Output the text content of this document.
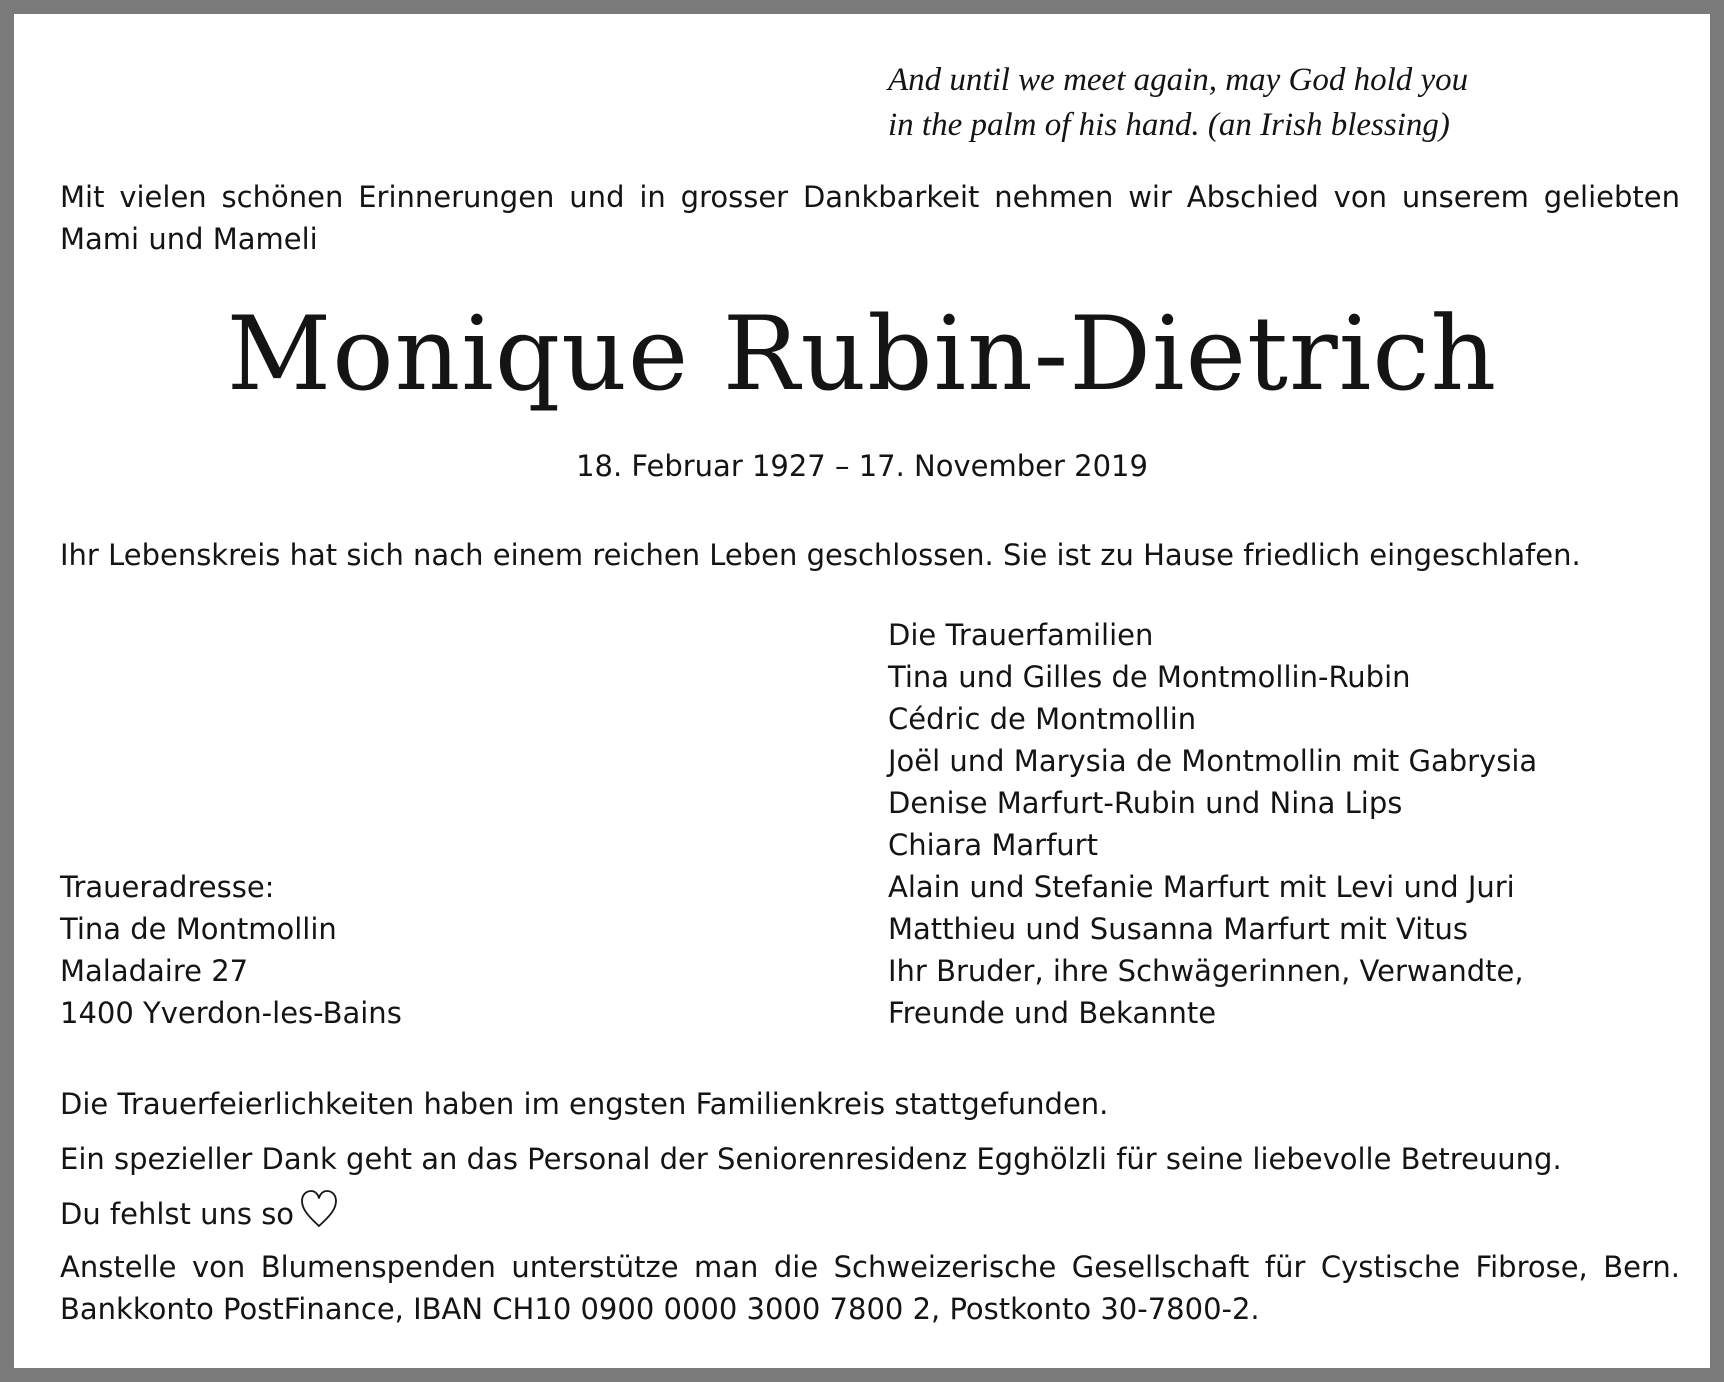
And until we meet again, may God hold you
in the palm of his hand. (an Irish blessing)
Mit vielen schönen Erinnerungen und in grosser Dankbarkeit nehmen wir Abschied von unserem geliebten Mami und Mameli
Monique Rubin-Dietrich
18. Februar 1927 – 17. November 2019
Ihr Lebenskreis hat sich nach einem reichen Leben geschlossen. Sie ist zu Hause friedlich eingeschlafen.
Die Trauerfamilien
Tina und Gilles de Montmollin-Rubin
Cédric de Montmollin
Joël und Marysia de Montmollin mit Gabrysia
Denise Marfurt-Rubin und Nina Lips
Chiara Marfurt
Alain und Stefanie Marfurt mit Levi und Juri
Matthieu und Susanna Marfurt mit Vitus
Ihr Bruder, ihre Schwägerinnen, Verwandte,
Freunde und Bekannte
Traueradresse:
Tina de Montmollin
Maladaire 27
1400 Yverdon-les-Bains
Die Trauerfeierlichkeiten haben im engsten Familienkreis stattgefunden.
Ein spezieller Dank geht an das Personal der Seniorenresidenz Egghölzli für seine liebevolle Betreuung.
Du fehlst uns so
Anstelle von Blumenspenden unterstütze man die Schweizerische Gesellschaft für Cystische Fibrose, Bern. Bankkonto PostFinance, IBAN CH10 0900 0000 3000 7800 2, Postkonto 30-7800-2.
